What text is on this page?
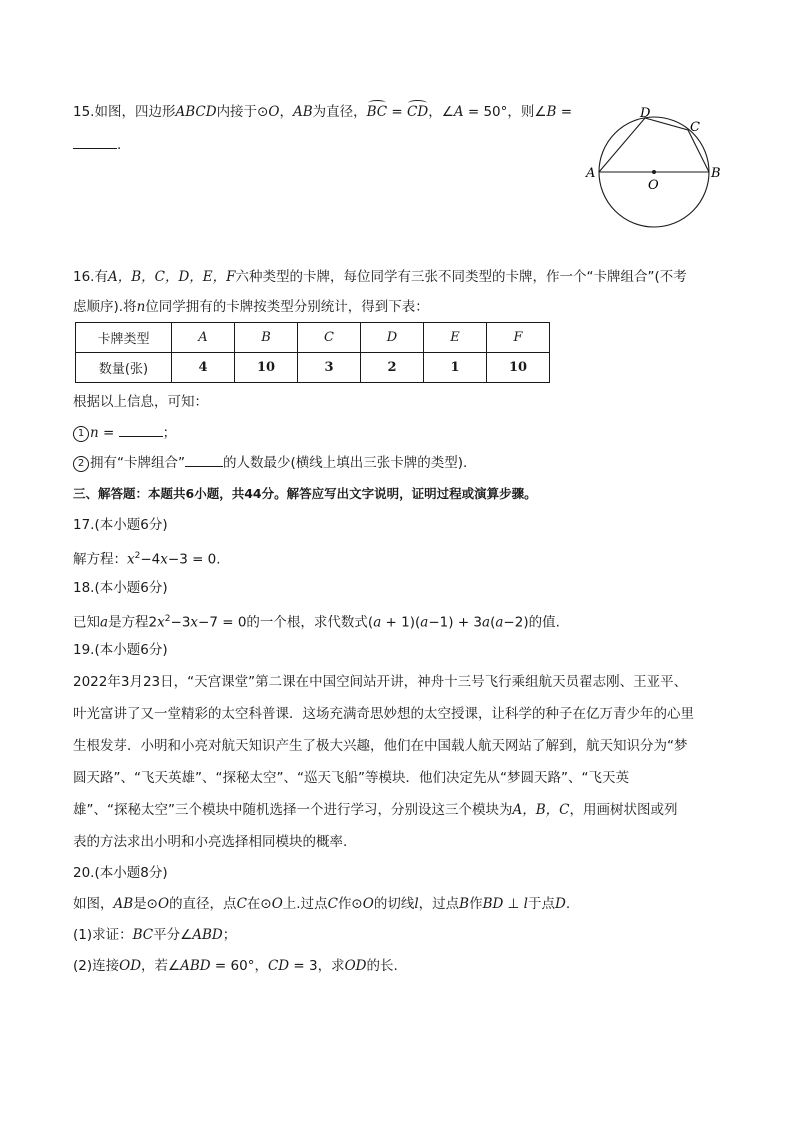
15.如图，四边形ABCD内接于⊙O，AB为直径，BC = CD，∠A = 50°，则∠B =
.
A	B
C
D
O
16.有A，B，C，D，E，F六种类型的卡牌，每位同学有三张不同类型的卡牌，作一个“卡牌组合”(不考
虑顺序).将n位同学拥有的卡牌按类型分别统计，得到下表：
卡牌类型	A	B	C	D	E	F
数量(张)	4	10	3	2	1	10
根据以上信息，可知：
1 n =	；
2 拥有“卡牌组合”	的人数最少(横线上填出三张卡牌的类型).
三、解答题：本题共6小题，共44分。解答应写出文字说明，证明过程或演算步骤。
17.(本小题6分)
解方程：$x^2-4x-3 = 0$.
18.(本小题6分)
已知a是方程$2x^2-3x-7 = 0$的一个根，求代数式(a + 1)(a−1) + 3a(a−2)的值.
19.(本小题6分)
2022年3月23日，“天宫课堂”第二课在中国空间站开讲，神舟十三号飞行乘组航天员翟志刚、王亚平、
叶光富讲了又一堂精彩的太空科普课．这场充满奇思妙想的太空授课，让科学的种子在亿万青少年的心里
生根发芽．小明和小亮对航天知识产生了极大兴趣，他们在中国载人航天网站了解到，航天知识分为“梦
圆天路”、“飞天英雄”、“探秘太空”、“巡天飞船”等模块．他们决定先从“梦圆天路”、“飞天英
雄”、“探秘太空”三个模块中随机选择一个进行学习，分别设这三个模块为A，B，C，用画树状图或列
表的方法求出小明和小亮选择相同模块的概率.
20.(本小题8分)
如图，AB是⊙O的直径，点C在⊙O上.过点C作⊙O的切线l，过点B作BD ⊥ l于点D.
(1)求证：BC平分∠ABD；
(2)连接OD，若∠ABD = 60°，CD = 3，求OD的长.
